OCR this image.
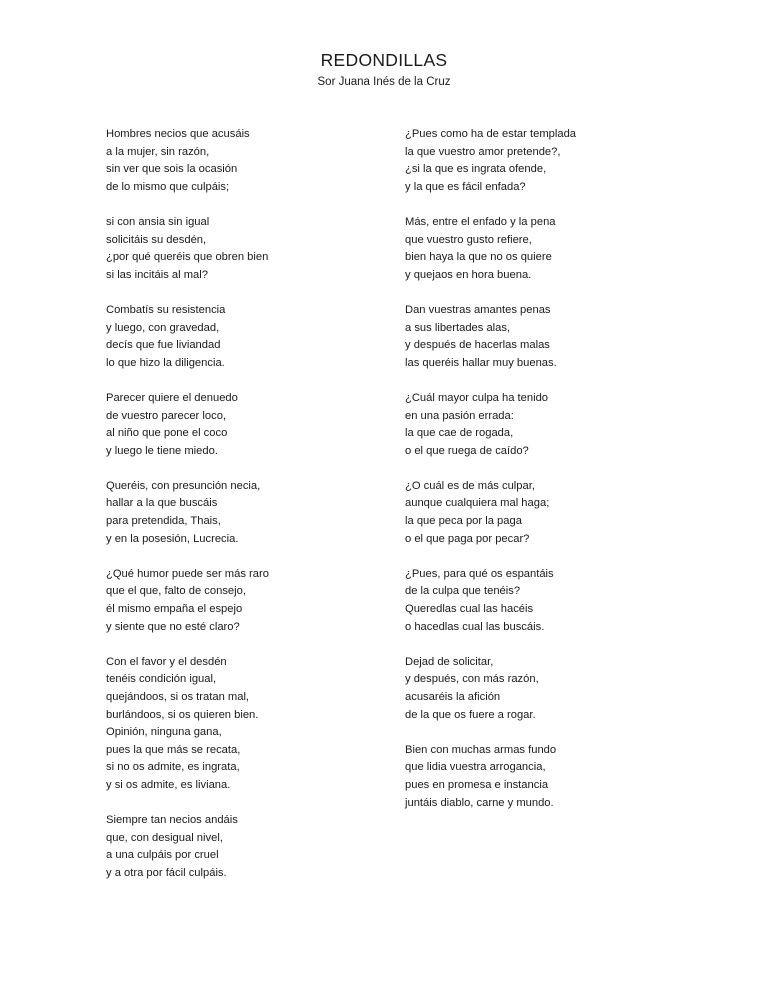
REDONDILLAS
Sor Juana Inés de la Cruz
Hombres necios que acusáis
a la mujer, sin razón,
sin ver que sois la ocasión
de lo mismo que culpáis;
si con ansia sin igual
solicitáis su desdén,
¿por qué queréis que obren bien
si las incitáis al mal?
Combatís su resistencia
y luego, con gravedad,
decís que fue liviandad
lo que hizo la diligencia.
Parecer quiere el denuedo
de vuestro parecer loco,
al niño que pone el coco
y luego le tiene miedo.
Queréis, con presunción necia,
hallar a la que buscáis
para pretendida, Thais,
y en la posesión, Lucrecia.
¿Qué humor puede ser más raro
que el que, falto de consejo,
él mismo empaña el espejo
y siente que no esté claro?
Con el favor y el desdén
tenéis condición igual,
quejándoos, si os tratan mal,
burlándoos, si os quieren bien.
Opinión, ninguna gana,
pues la que más se recata,
si no os admite, es ingrata,
y si os admite, es liviana.
Siempre tan necios andáis
que, con desigual nivel,
a una culpáis por cruel
y a otra por fácil culpáis.
¿Pues como ha de estar templada
la que vuestro amor pretende?,
¿si la que es ingrata ofende,
y la que es fácil enfada?
Más, entre el enfado y la pena
que vuestro gusto refiere,
bien haya la que no os quiere
y quejaos en hora buena.
Dan vuestras amantes penas
a sus libertades alas,
y después de hacerlas malas
las queréis hallar muy buenas.
¿Cuál mayor culpa ha tenido
en una pasión errada:
la que cae de rogada,
o el que ruega de caído?
¿O cuál es de más culpar,
aunque cualquiera mal haga;
la que peca por la paga
o el que paga por pecar?
¿Pues, para qué os espantáis
de la culpa que tenéis?
Queredlas cual las hacéis
o hacedlas cual las buscáis.
Dejad de solicitar,
y después, con más razón,
acusaréis la afición
de la que os fuere a rogar.
Bien con muchas armas fundo
que lidia vuestra arrogancia,
pues en promesa e instancia
juntáis diablo, carne y mundo.
